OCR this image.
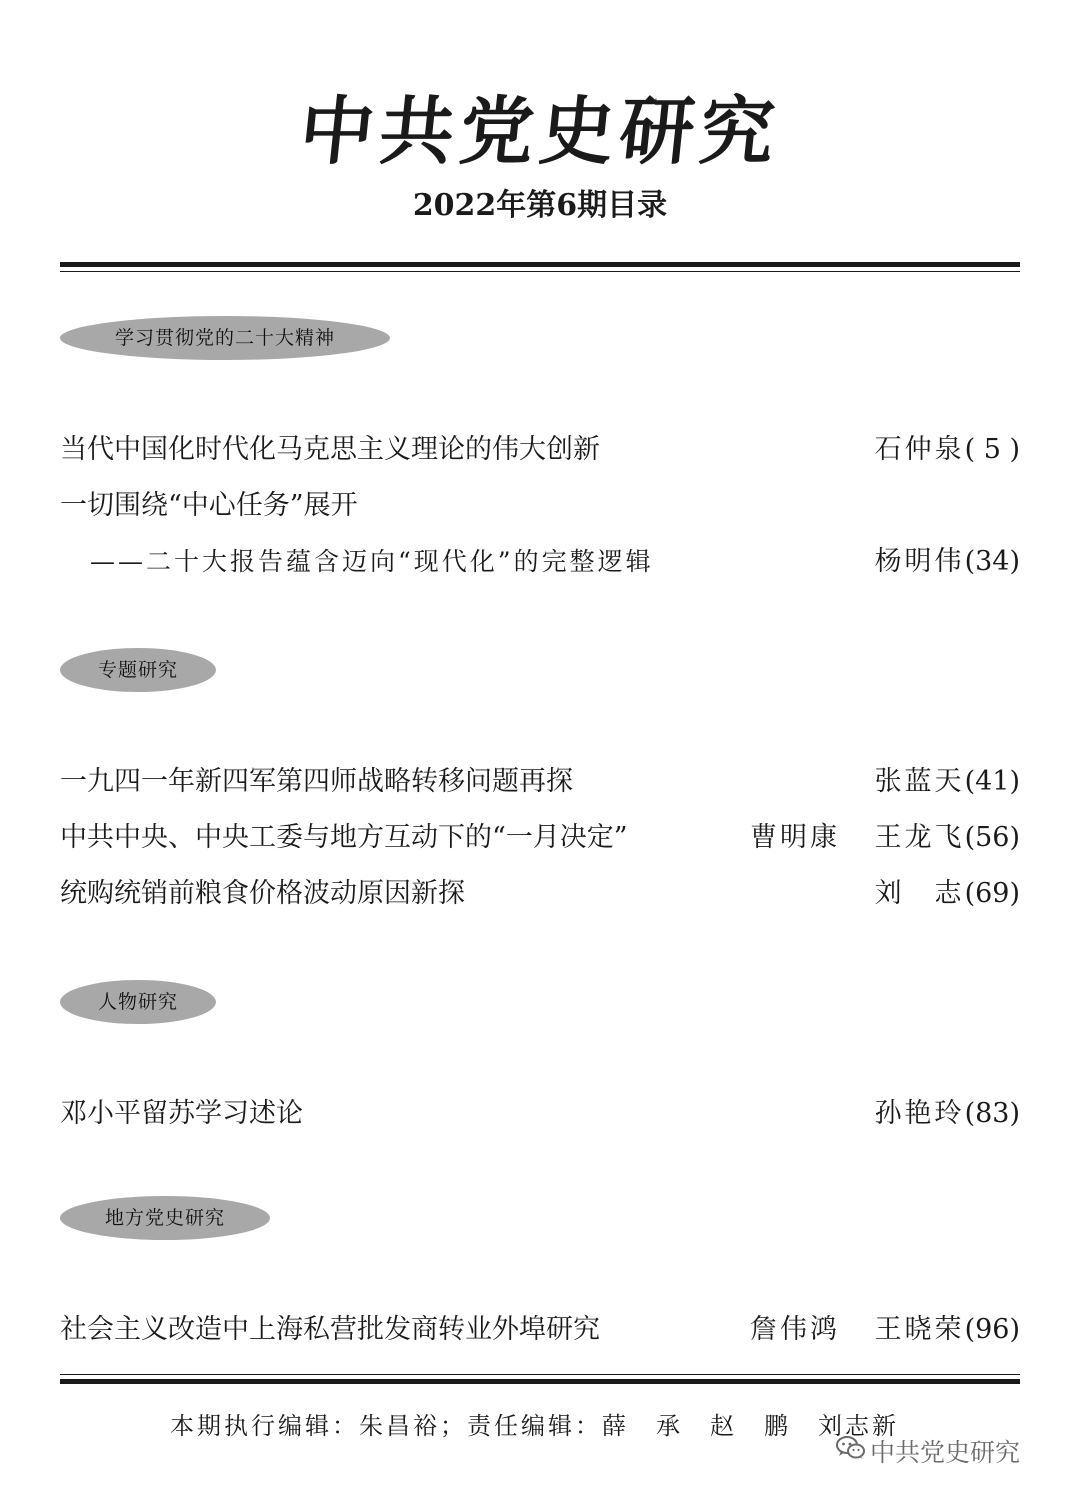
中共党史研究
2022年第6期目录
学习贯彻党的二十大精神
当代中国化时代化马克思主义理论的伟大创新	石仲泉( 5 )
一切围绕“中心任务”展开
——二十大报告蕴含迈向“现代化”的完整逻辑	杨明伟(34)
专题研究
一九四一年新四军第四师战略转移问题再探	张蓝天(41)
中共中央、中央工委与地方互动下的“一月决定”	曹明康 王龙飞(56)
统购统销前粮食价格波动原因新探	刘　志(69)
人物研究
邓小平留苏学习述论	孙艳玲(83)
地方党史研究
社会主义改造中上海私营批发商转业外埠研究	詹伟鸿 王晓荣(96)
本期执行编辑：朱昌裕；责任编辑：薛　承　赵　鹏　刘志新
中共党史研究
